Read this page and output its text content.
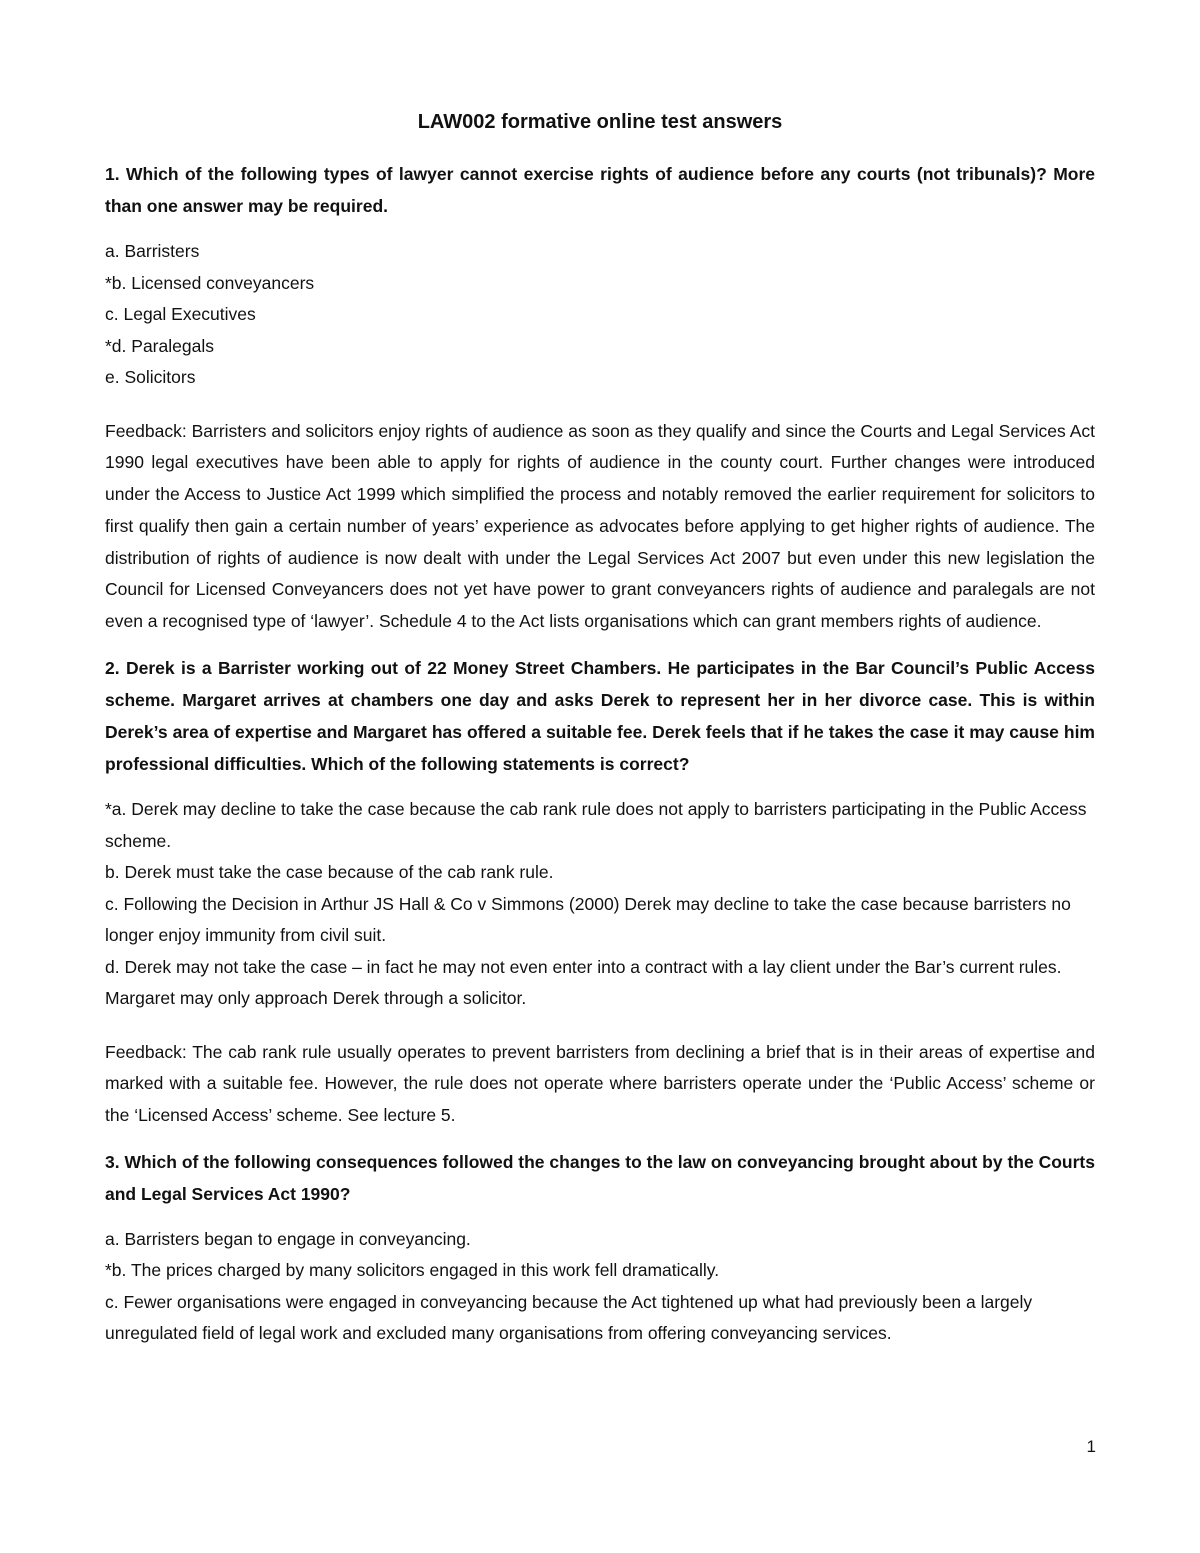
LAW002 formative online test answers

1. Which of the following types of lawyer cannot exercise rights of audience before any courts (not tribunals)? More than one answer may be required.

a. Barristers
*b. Licensed conveyancers
c. Legal Executives
*d. Paralegals
e. Solicitors

Feedback: Barristers and solicitors enjoy rights of audience as soon as they qualify and since the Courts and Legal Services Act 1990 legal executives have been able to apply for rights of audience in the county court. Further changes were introduced under the Access to Justice Act 1999 which simplified the process and notably removed the earlier requirement for solicitors to first qualify then gain a certain number of years’ experience as advocates before applying to get higher rights of audience. The distribution of rights of audience is now dealt with under the Legal Services Act 2007 but even under this new legislation the Council for Licensed Conveyancers does not yet have power to grant conveyancers rights of audience and paralegals are not even a recognised type of ‘lawyer’. Schedule 4 to the Act lists organisations which can grant members rights of audience.

2. Derek is a Barrister working out of 22 Money Street Chambers. He participates in the Bar Council’s Public Access scheme. Margaret arrives at chambers one day and asks Derek to represent her in her divorce case. This is within Derek’s area of expertise and Margaret has offered a suitable fee. Derek feels that if he takes the case it may cause him professional difficulties. Which of the following statements is correct?

*a. Derek may decline to take the case because the cab rank rule does not apply to barristers participating in the Public Access scheme.
b. Derek must take the case because of the cab rank rule.
c. Following the Decision in Arthur JS Hall & Co v Simmons (2000) Derek may decline to take the case because barristers no longer enjoy immunity from civil suit.
d. Derek may not take the case – in fact he may not even enter into a contract with a lay client under the Bar’s current rules. Margaret may only approach Derek through a solicitor.

Feedback: The cab rank rule usually operates to prevent barristers from declining a brief that is in their areas of expertise and marked with a suitable fee. However, the rule does not operate where barristers operate under the ‘Public Access’ scheme or the ‘Licensed Access’ scheme. See lecture 5.

3. Which of the following consequences followed the changes to the law on conveyancing brought about by the Courts and Legal Services Act 1990?

a. Barristers began to engage in conveyancing.
*b. The prices charged by many solicitors engaged in this work fell dramatically.
c. Fewer organisations were engaged in conveyancing because the Act tightened up what had previously been a largely unregulated field of legal work and excluded many organisations from offering conveyancing services.
1
